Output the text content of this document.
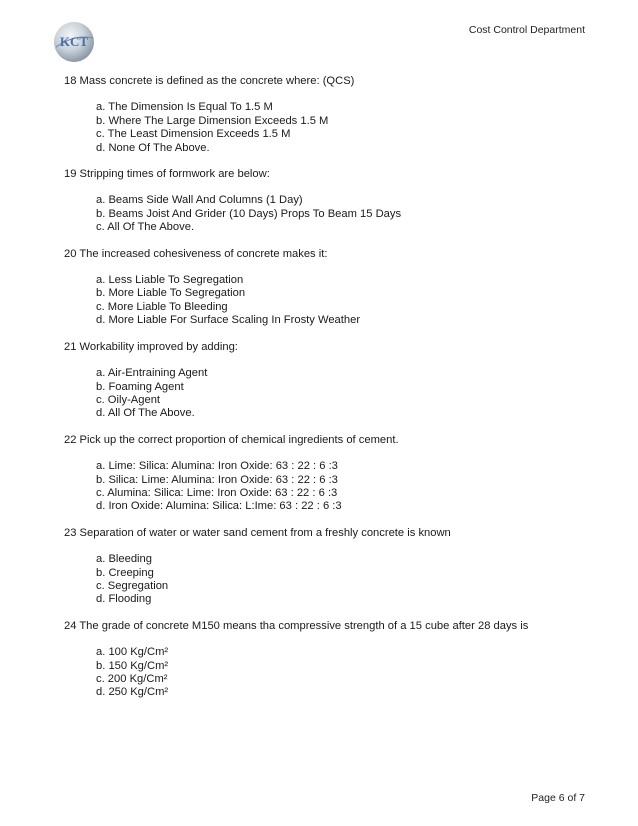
KCT
Cost Control Department

18 Mass concrete is defined as the concrete where: (QCS)

a. The Dimension Is Equal To 1.5 M
b. Where The Large Dimension Exceeds 1.5 M
c. The Least Dimension Exceeds 1.5 M
d. None Of The Above.

19 Stripping times of formwork are below:

a. Beams Side Wall And Columns (1 Day)
b. Beams Joist And Grider (10 Days) Props To Beam 15 Days
c. All Of The Above.

20 The increased cohesiveness of concrete makes it:

a. Less Liable To Segregation
b. More Liable To Segregation
c. More Liable To Bleeding
d. More Liable For Surface Scaling In Frosty Weather

21 Workability improved by adding:

a. Air-Entraining Agent
b. Foaming Agent
c. Oily-Agent
d. All Of The Above.

22 Pick up the correct proportion of chemical ingredients of cement.

a. Lime: Silica: Alumina: Iron Oxide: 63 : 22 : 6 :3
b. Silica: Lime: Alumina: Iron Oxide: 63 : 22 : 6 :3
c. Alumina: Silica: Lime: Iron Oxide: 63 : 22 : 6 :3
d. Iron Oxide: Alumina: Silica: L:Ime: 63 : 22 : 6 :3

23 Separation of water or water sand cement from a freshly concrete is known

a. Bleeding
b. Creeping
c. Segregation
d. Flooding

24 The grade of concrete M150 means tha compressive strength of a 15 cube after 28 days is

a. 100 Kg/Cm²
b. 150 Kg/Cm²
c. 200 Kg/Cm²
d. 250 Kg/Cm²
Page 6 of 7
